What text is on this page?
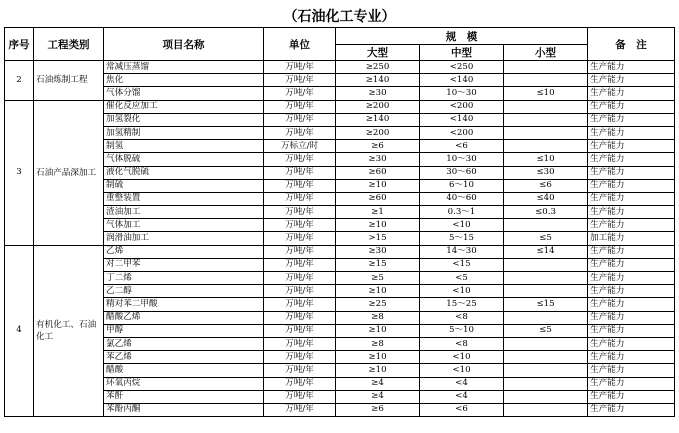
（石油化工专业）
序号	工程类别	项目名称	单位	规　模			备　注
				大型	中型	小型	
2	石油炼制工程	常减压蒸馏	万吨/年	≥250	<250		生产能力
		焦化	万吨/年	≥140	<140		生产能力
		气体分馏	万吨/年	≥30	10～30	≤10	生产能力
3	石油产品深加工	催化反应加工	万吨/年	≥200	<200		生产能力
		加氢裂化	万吨/年	≥140	<140		生产能力
		加氢精制	万吨/年	≥200	<200		生产能力
		制氢	万标立/时	≥6	<6		生产能力
		气体脱硫	万吨/年	≥30	10～30	≤10	生产能力
		液化气脱硫	万吨/年	≥60	30～60	≤30	生产能力
		制硫	万吨/年	≥10	6～10	≤6	生产能力
		重整装置	万吨/年	≥60	40～60	≤40	生产能力
		渣油加工	万吨/年	≥1	0.3～1	≤0.3	生产能力
		气体加工	万吨/年	≥10	<10		生产能力
		润滑油加工	万吨/年	>15	5～15	≤5	加工能力
4	有机化工、石油化工	乙烯	万吨/年	≥30	14～30	≤14	生产能力
		对二甲苯	万吨/年	≥15	<15		生产能力
		丁二烯	万吨/年	≥5	<5		生产能力
		乙二醇	万吨/年	≥10	<10		生产能力
		精对苯二甲酸	万吨/年	≥25	15～25	≤15	生产能力
		醋酸乙烯	万吨/年	≥8	<8		生产能力
		甲醇	万吨/年	≥10	5～10	≤5	生产能力
		氯乙烯	万吨/年	≥8	<8		生产能力
		苯乙烯	万吨/年	≥10	<10		生产能力
		醋酸	万吨/年	≥10	<10		生产能力
		环氧丙烷	万吨/年	≥4	<4		生产能力
		苯酐	万吨/年	≥4	<4		生产能力
		苯酚丙酮	万吨/年	≥6	<6		生产能力
